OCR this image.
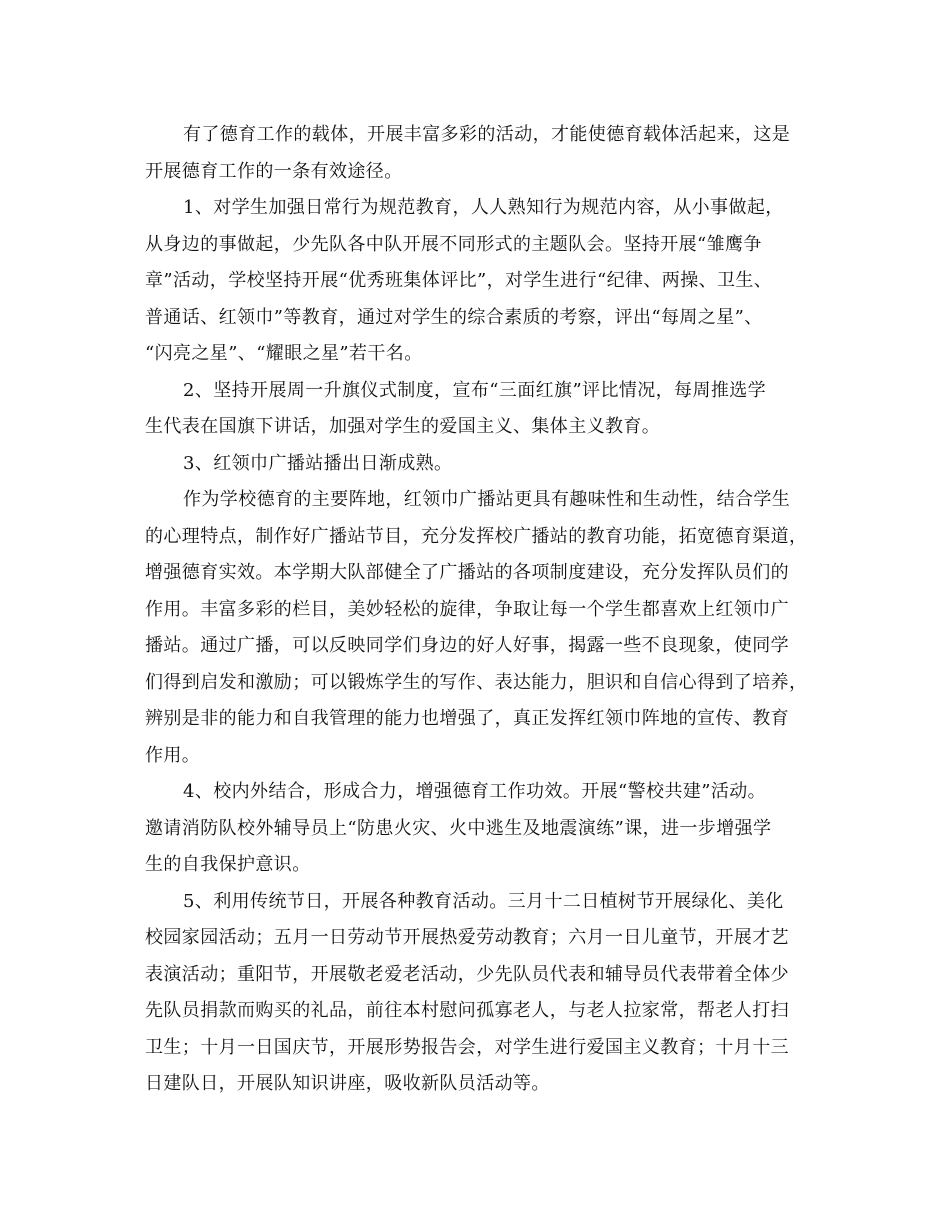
有了德育工作的载体，开展丰富多彩的活动，才能使德育载体活起来，这是
开展德育工作的一条有效途径。
1、对学生加强日常行为规范教育，人人熟知行为规范内容，从小事做起，
从身边的事做起，少先队各中队开展不同形式的主题队会。坚持开展“雏鹰争
章”活动，学校坚持开展“优秀班集体评比”，对学生进行“纪律、两操、卫生、
普通话、红领巾”等教育，通过对学生的综合素质的考察，评出“每周之星”、
“闪亮之星”、“耀眼之星”若干名。
2、坚持开展周一升旗仪式制度，宣布“三面红旗”评比情况，每周推选学
生代表在国旗下讲话，加强对学生的爱国主义、集体主义教育。
3、红领巾广播站播出日渐成熟。
作为学校德育的主要阵地，红领巾广播站更具有趣味性和生动性，结合学生
的心理特点，制作好广播站节目，充分发挥校广播站的教育功能，拓宽德育渠道，
增强德育实效。本学期大队部健全了广播站的各项制度建设，充分发挥队员们的
作用。丰富多彩的栏目，美妙轻松的旋律，争取让每一个学生都喜欢上红领巾广
播站。通过广播，可以反映同学们身边的好人好事，揭露一些不良现象，使同学
们得到启发和激励；可以锻炼学生的写作、表达能力，胆识和自信心得到了培养，
辨别是非的能力和自我管理的能力也增强了，真正发挥红领巾阵地的宣传、教育
作用。
4、校内外结合，形成合力，增强德育工作功效。开展“警校共建”活动。
邀请消防队校外辅导员上“防患火灾、火中逃生及地震演练”课，进一步增强学
生的自我保护意识。
5、利用传统节日，开展各种教育活动。三月十二日植树节开展绿化、美化
校园家园活动；五月一日劳动节开展热爱劳动教育；六月一日儿童节，开展才艺
表演活动；重阳节，开展敬老爱老活动，少先队员代表和辅导员代表带着全体少
先队员捐款而购买的礼品，前往本村慰问孤寡老人，与老人拉家常，帮老人打扫
卫生；十月一日国庆节，开展形势报告会，对学生进行爱国主义教育；十月十三
日建队日，开展队知识讲座，吸收新队员活动等。
